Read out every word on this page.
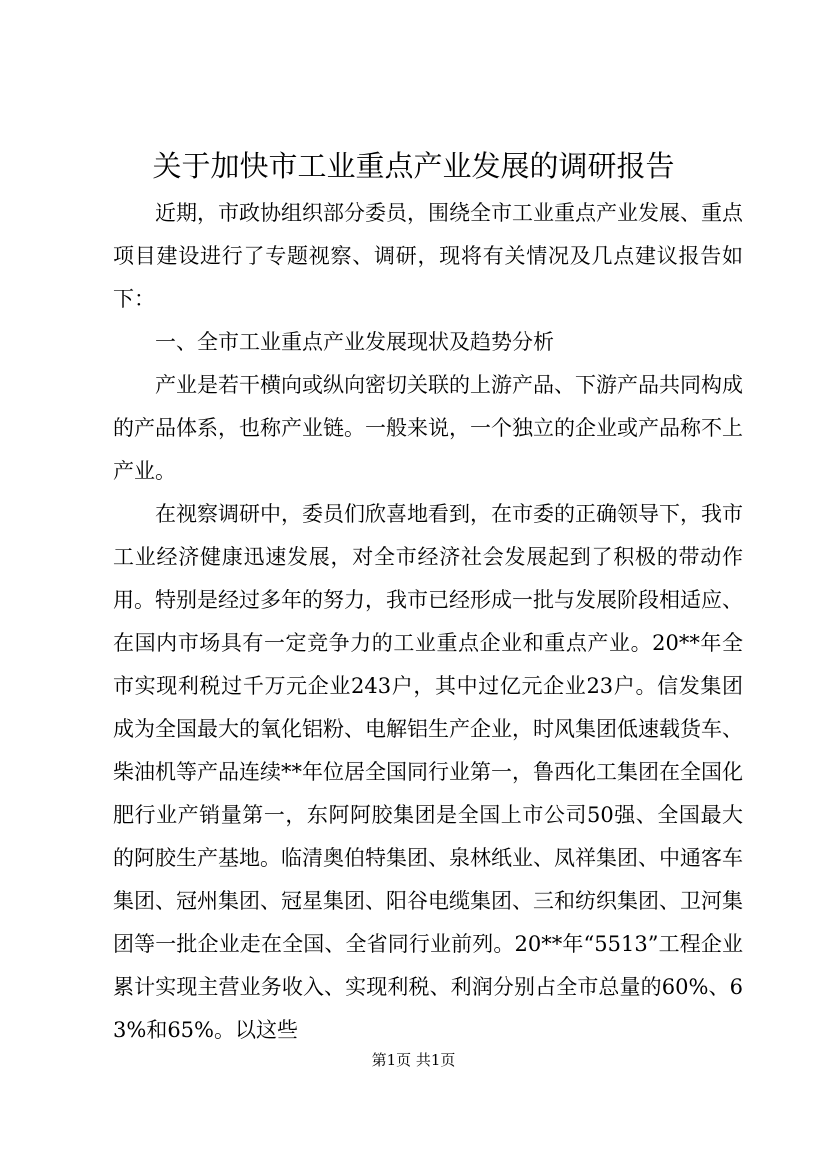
关于加快市工业重点产业发展的调研报告

近期，市政协组织部分委员，围绕全市工业重点产业发展、重点项目建设进行了专题视察、调研，现将有关情况及几点建议报告如下：

一、全市工业重点产业发展现状及趋势分析

产业是若干横向或纵向密切关联的上游产品、下游产品共同构成的产品体系，也称产业链。一般来说，一个独立的企业或产品称不上产业。

在视察调研中，委员们欣喜地看到，在市委的正确领导下，我市工业经济健康迅速发展，对全市经济社会发展起到了积极的带动作用。特别是经过多年的努力，我市已经形成一批与发展阶段相适应、在国内市场具有一定竞争力的工业重点企业和重点产业。20**年全市实现利税过千万元企业243户，其中过亿元企业23户。信发集团成为全国最大的氧化铝粉、电解铝生产企业，时风集团低速载货车、柴油机等产品连续**年位居全国同行业第一，鲁西化工集团在全国化肥行业产销量第一，东阿阿胶集团是全国上市公司50强、全国最大的阿胶生产基地。临清奥伯特集团、泉林纸业、凤祥集团、中通客车集团、冠州集团、冠星集团、阳谷电缆集团、三和纺织集团、卫河集团等一批企业走在全国、全省同行业前列。20**年“5513”工程企业累计实现主营业务收入、实现利税、利润分别占全市总量的60%、63%和65%。以这些

第1页 共1页
